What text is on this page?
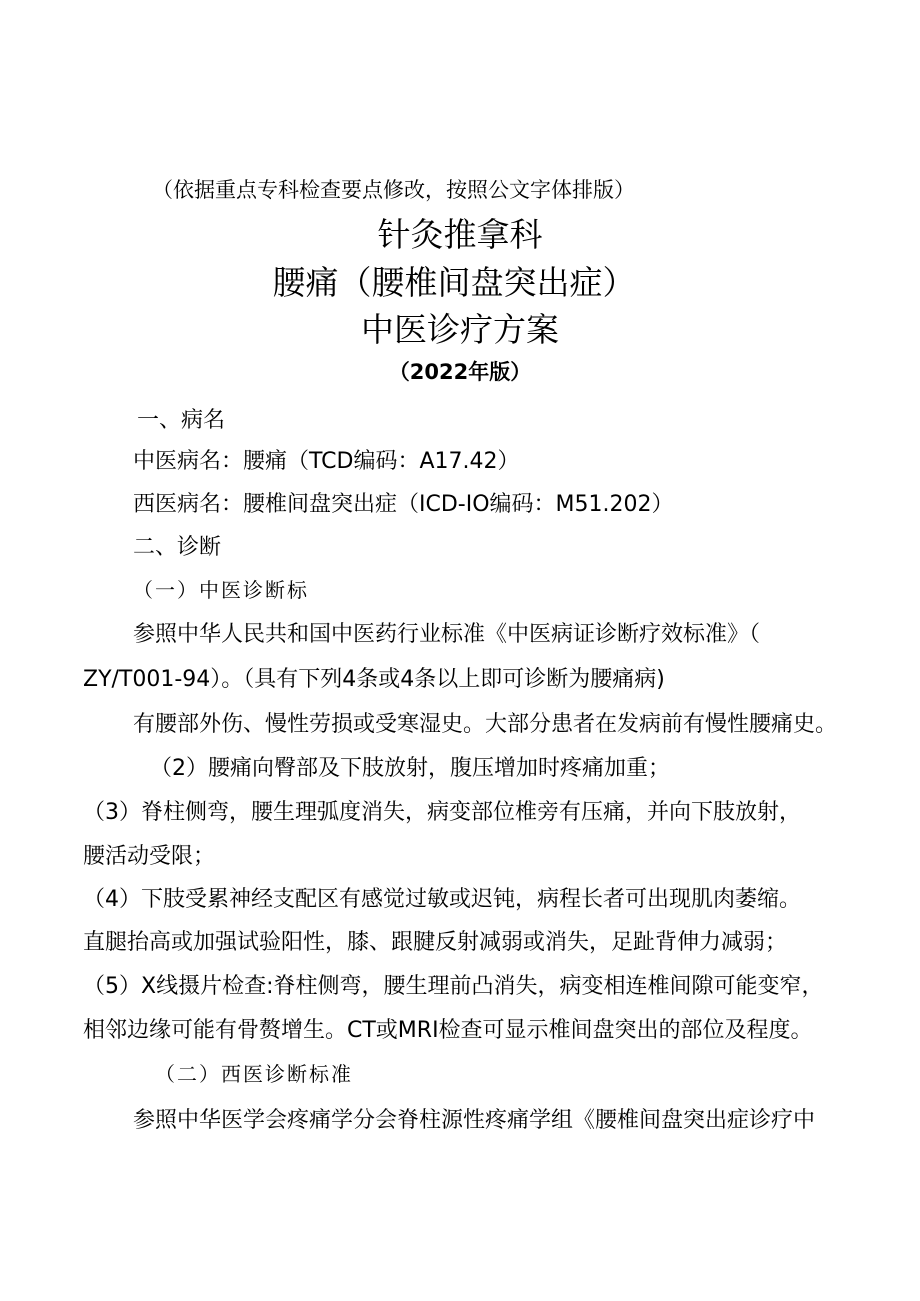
（依据重点专科检查要点修改，按照公文字体排版）
针灸推拿科
腰痛（腰椎间盘突出症）
中医诊疗方案
（2022年版）
一、病名
中医病名：腰痛（TCD编码：A17.42）
西医病名：腰椎间盘突出症（ICD-IO编码：M51.202）
二、诊断
（一）中医诊断标
参照中华人民共和国中医药行业标准《中医病证诊断疗效标准》（
ZY/T001-94）。（具有下列4条或4条以上即可诊断为腰痛病)
有腰部外伤、慢性劳损或受寒湿史。大部分患者在发病前有慢性腰痛史。
（2）腰痛向臀部及下肢放射，腹压增加时疼痛加重；
（3）脊柱侧弯，腰生理弧度消失，病变部位椎旁有压痛，并向下肢放射，
腰活动受限；
（4）下肢受累神经支配区有感觉过敏或迟钝，病程长者可出现肌肉萎缩。
直腿抬高或加强试验阳性，膝、跟腱反射减弱或消失，足趾背伸力减弱；
（5）X线摄片检查:脊柱侧弯，腰生理前凸消失，病变相连椎间隙可能变窄，
相邻边缘可能有骨赘增生。CT或MRI检查可显示椎间盘突出的部位及程度。
（二）西医诊断标准
参照中华医学会疼痛学分会脊柱源性疼痛学组《腰椎间盘突出症诊疗中
